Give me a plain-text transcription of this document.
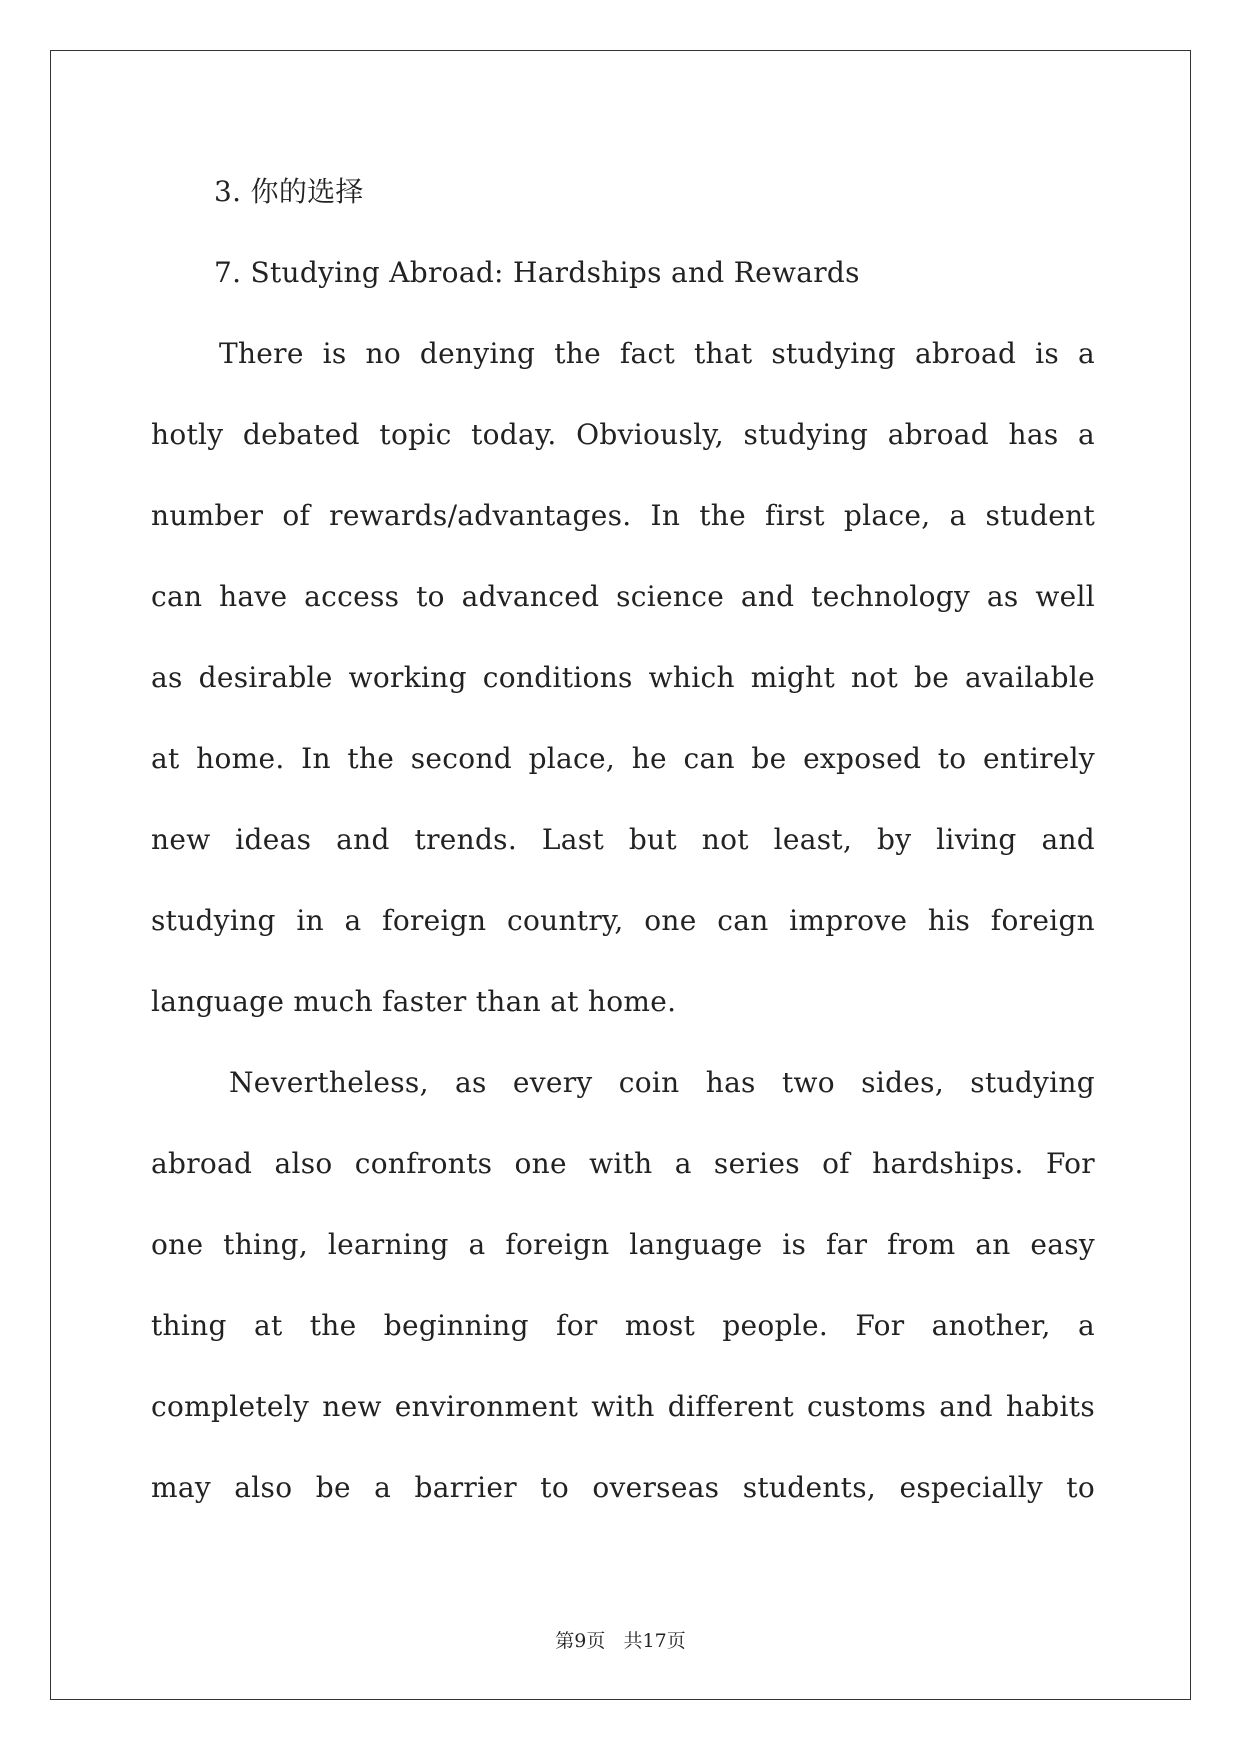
3. 你的选择
7. Studying Abroad: Hardships and Rewards
There is no denying the fact that studying abroad is a
hotly debated topic today. Obviously, studying abroad has a
number of rewards/advantages. In the first place, a student
can have access to advanced science and technology as well
as desirable working conditions which might not be available
at home. In the second place, he can be exposed to entirely
new ideas and trends. Last but not least, by living and
studying in a foreign country, one can improve his foreign
language much faster than at home.
Nevertheless, as every coin has two sides, studying
abroad also confronts one with a series of hardships. For
one thing, learning a foreign language is far from an easy
thing at the beginning for most people. For another, a
completely new environment with different customs and habits
may also be a barrier to overseas students, especially to
第9页 共17页
